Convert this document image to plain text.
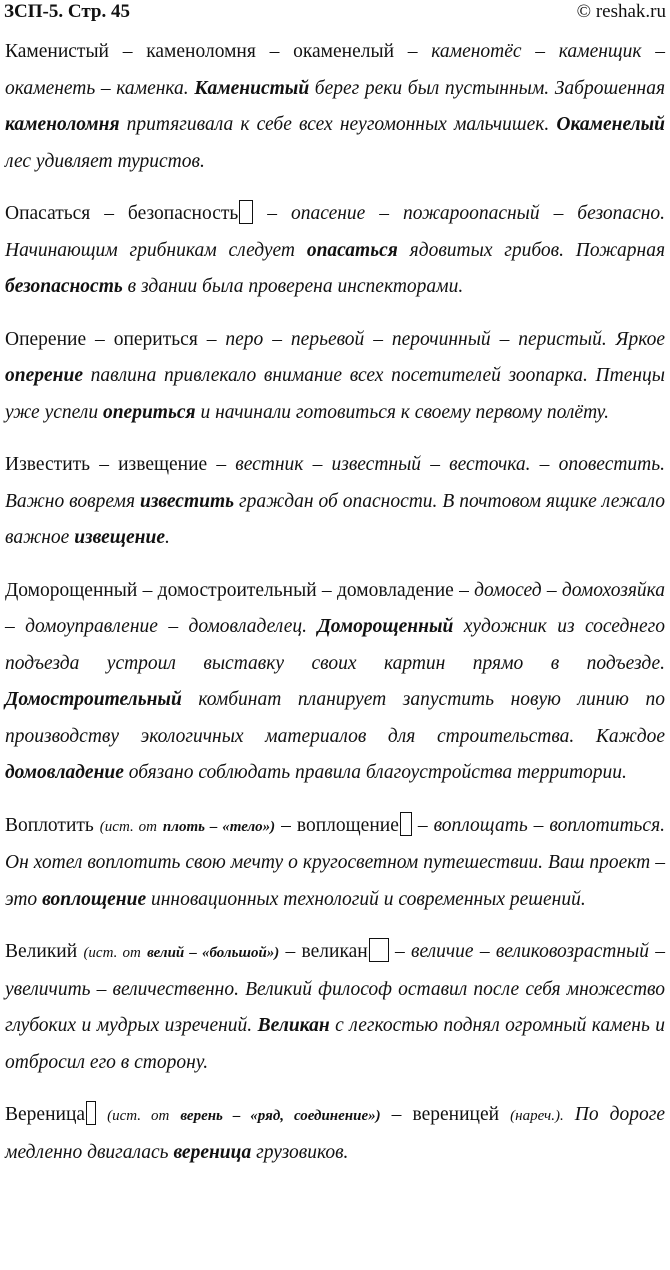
ЗСП-5. Стр. 45	© reshak.ru

Каменистый – каменоломня – окаменелый – каменотёс – каменщик – окаменеть – каменка. Каменистый берег реки был пустынным. Заброшенная каменоломня притягивала к себе всех неугомонных мальчишек. Окаменелый лес удивляет туристов.

Опасаться – безопасность – опасение – пожароопасный – безопасно. Начинающим грибникам следует опасаться ядовитых грибов. Пожарная безопасность в здании была проверена инспекторами.

Оперение – опериться – перо – перьевой – перочинный – перистый. Яркое оперение павлина привлекало внимание всех посетителей зоопарка. Птенцы уже успели опериться и начинали готовиться к своему первому полёту.

Известить – извещение – вестник – известный – весточка. – оповестить. Важно вовремя известить граждан об опасности. В почтовом ящике лежало важное извещение.

Доморощенный – домостроительный – домовладение – домосед – домохозяйка – домоуправление – домовладелец. Доморощенный художник из соседнего подъезда устроил выставку своих картин прямо в подъезде. Домостроительный комбинат планирует запустить новую линию по производству экологичных материалов для строительства. Каждое домовладение обязано соблюдать правила благоустройства территории.

Воплотить (ист. от плоть – «тело») – воплощение – воплощать – воплотиться. Он хотел воплотить свою мечту о кругосветном путешествии. Ваш проект – это воплощение инновационных технологий и современных решений.

Великий (ист. от велий – «большой») – великан – величие – великовозрастный – увеличить – величественно. Великий философ оставил после себя множество глубоких и мудрых изречений. Великан с легкостью поднял огромный камень и отбросил его в сторону.

Вереница (ист. от верень – «ряд, соединение») – вереницей (нареч.). По дороге медленно двигалась вереница грузовиков.
